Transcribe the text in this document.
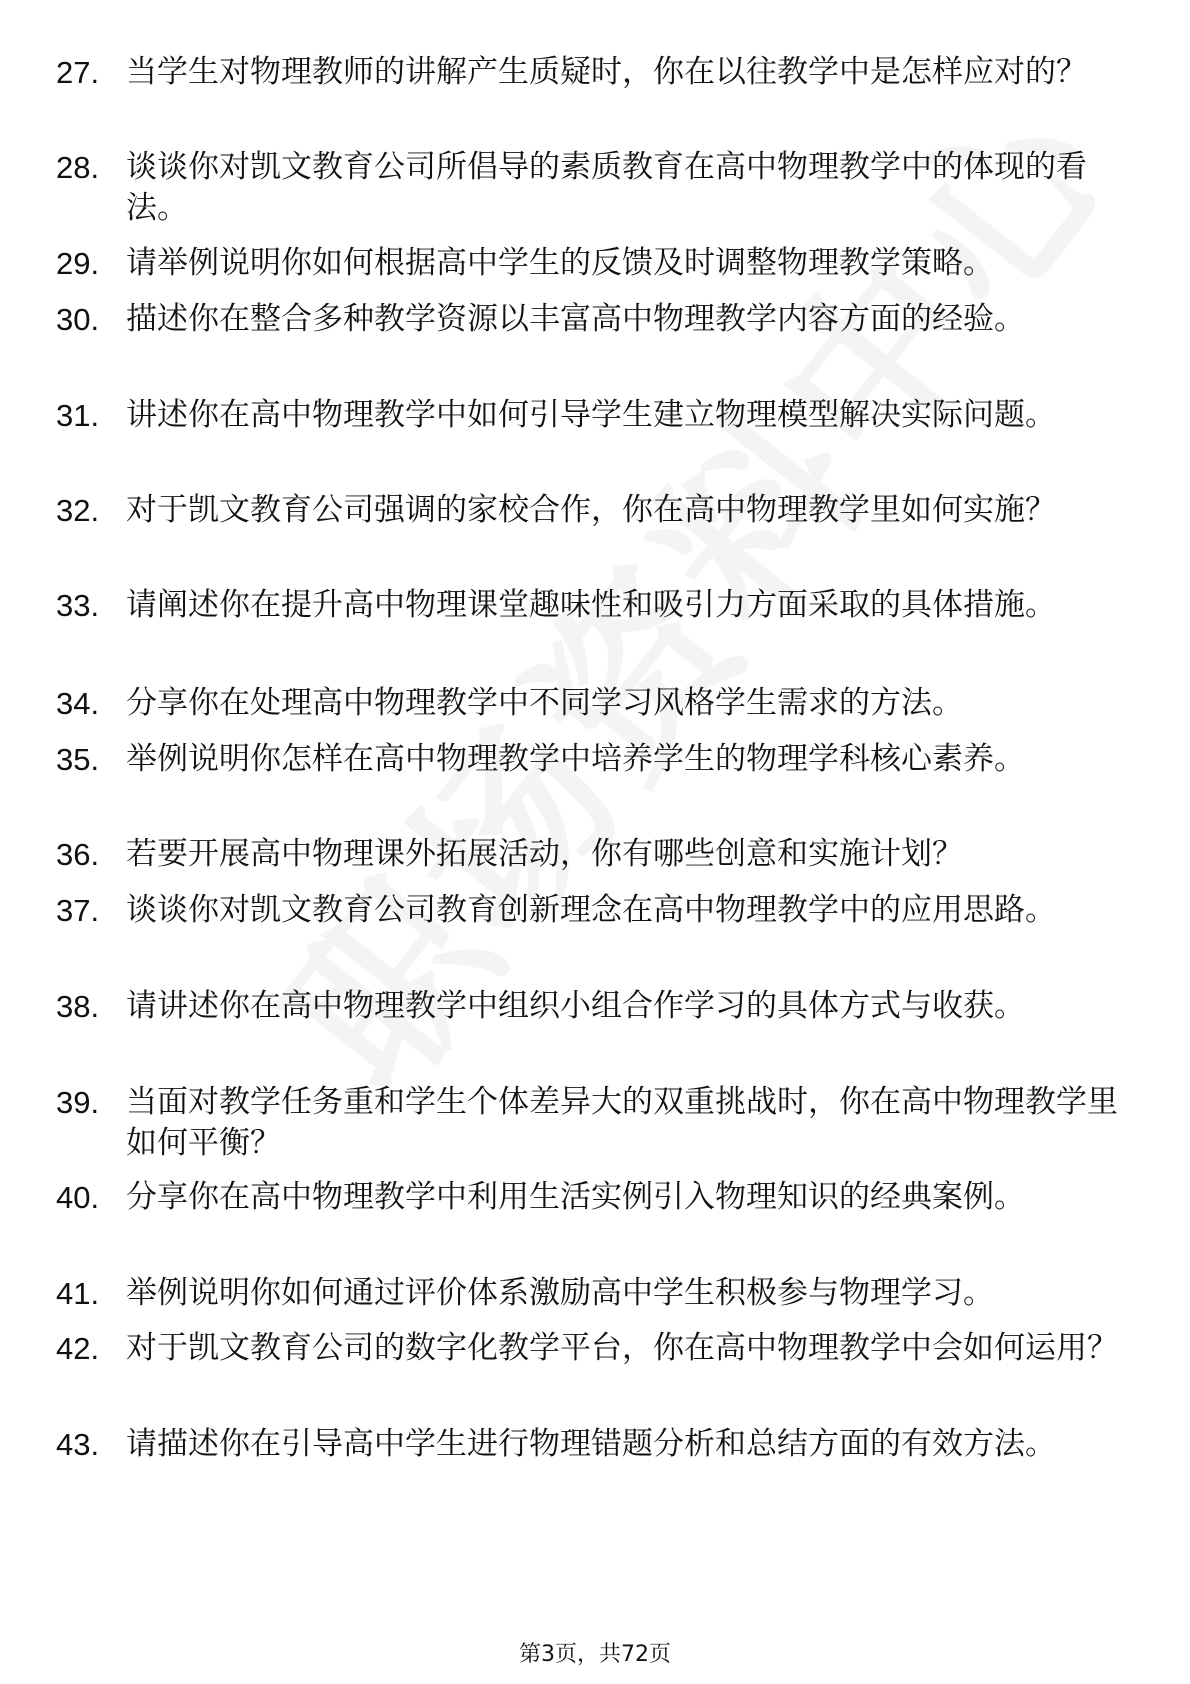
27. 当学生对物理教师的讲解产生质疑时，你在以往教学中是怎样应对的？
28. 谈谈你对凯文教育公司所倡导的素质教育在高中物理教学中的体现的看法。
29. 请举例说明你如何根据高中学生的反馈及时调整物理教学策略。
30. 描述你在整合多种教学资源以丰富高中物理教学内容方面的经验。
31. 讲述你在高中物理教学中如何引导学生建立物理模型解决实际问题。
32. 对于凯文教育公司强调的家校合作，你在高中物理教学里如何实施？
33. 请阐述你在提升高中物理课堂趣味性和吸引力方面采取的具体措施。
34. 分享你在处理高中物理教学中不同学习风格学生需求的方法。
35. 举例说明你怎样在高中物理教学中培养学生的物理学科核心素养。
36. 若要开展高中物理课外拓展活动，你有哪些创意和实施计划？
37. 谈谈你对凯文教育公司教育创新理念在高中物理教学中的应用思路。
38. 请讲述你在高中物理教学中组织小组合作学习的具体方式与收获。
39. 当面对教学任务重和学生个体差异大的双重挑战时，你在高中物理教学里如何平衡？
40. 分享你在高中物理教学中利用生活实例引入物理知识的经典案例。
41. 举例说明你如何通过评价体系激励高中学生积极参与物理学习。
42. 对于凯文教育公司的数字化教学平台，你在高中物理教学中会如何运用？
43. 请描述你在引导高中学生进行物理错题分析和总结方面的有效方法。
第3页，共72页
